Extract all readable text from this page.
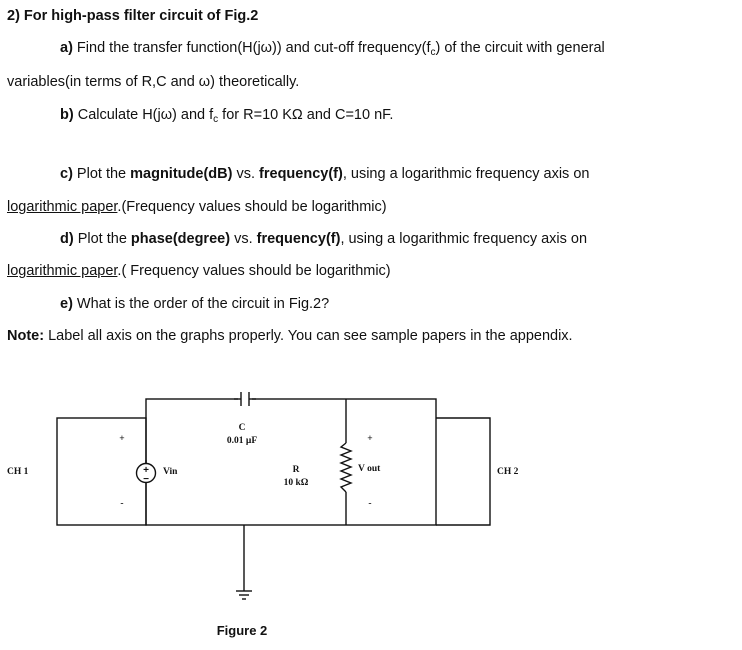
2) For high-pass filter circuit of Fig.2
a) Find the transfer function(H(jω)) and cut-off $frequency(f_c)$ of the circuit with general
variables(in terms of R,C and ω) theoretically.
b) Calculate H(jω) and $f_c$ for R=10 KΩ and C=10 nF.
c) Plot the magnitude(dB) vs. frequency(f), using a logarithmic frequency axis on
logarithmic paper.(Frequency values should be logarithmic)
d) Plot the phase(degree) vs. frequency(f), using a logarithmic frequency axis on
logarithmic paper.( Frequency values should be logarithmic)
e) What is the order of the circuit in Fig.2?
Note: Label all axis on the graphs properly. You can see sample papers in the appendix.
+
−
C
0.01 µF
R
10 kΩ
Vin	V out
CH 1	CH 2
+
-
+
-
Figure 2
